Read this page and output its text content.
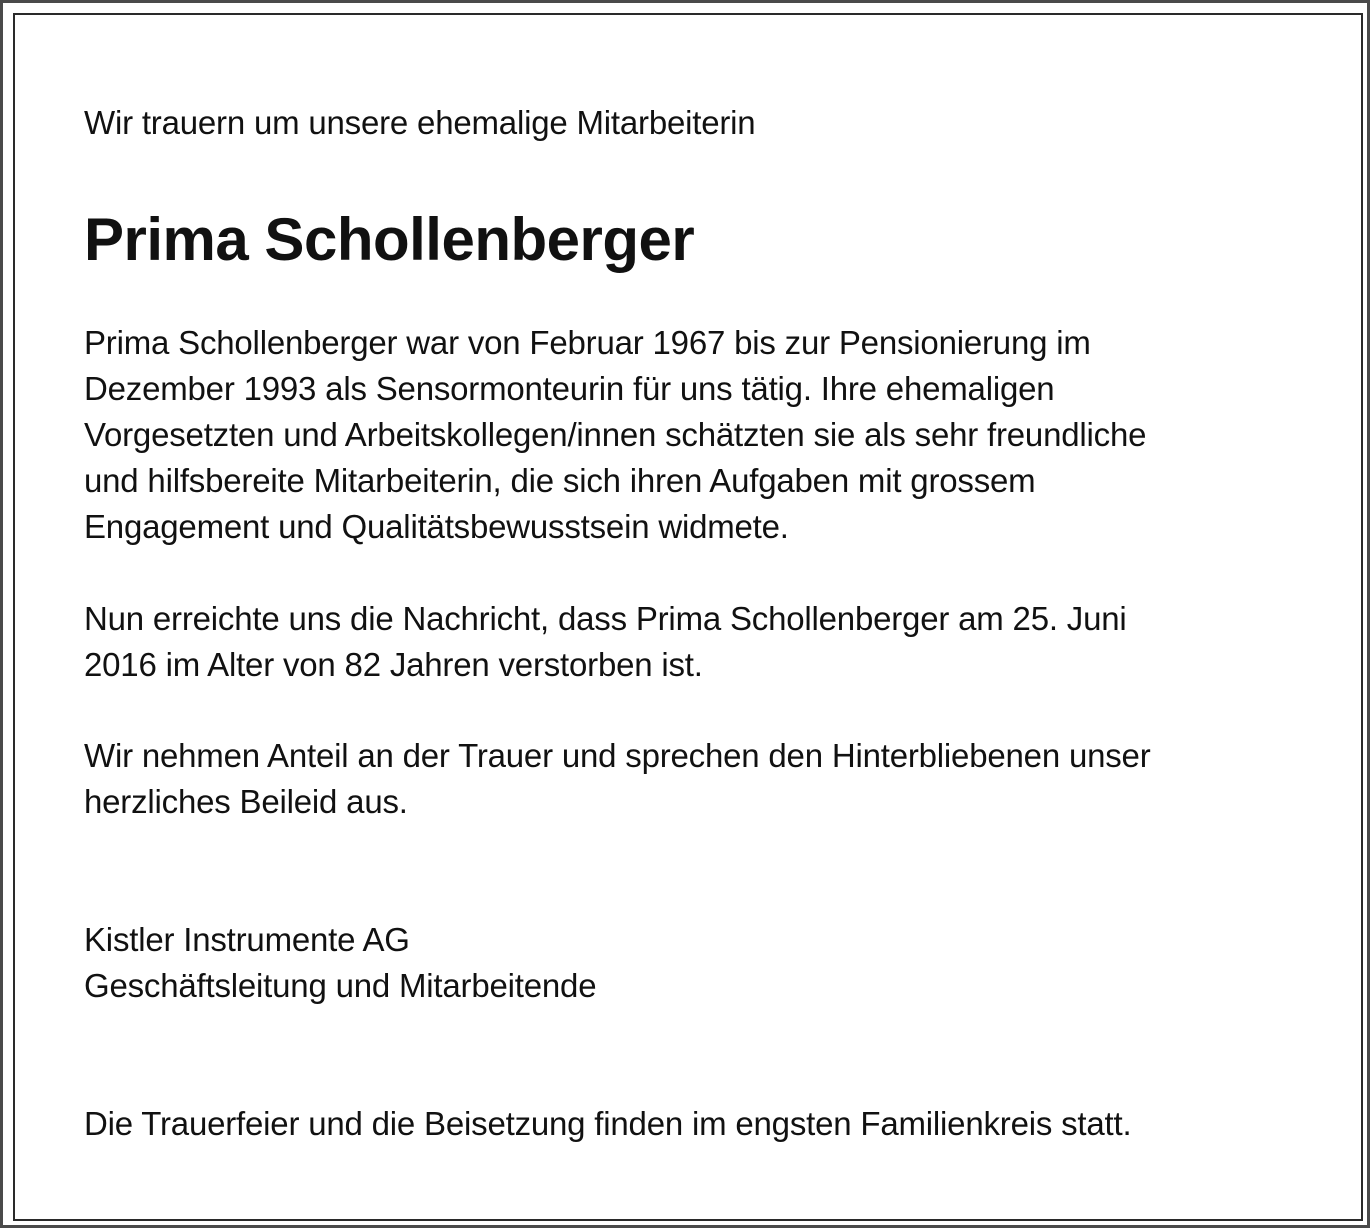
Wir trauern um unsere ehemalige Mitarbeiterin
Prima Schollenberger
Prima Schollenberger war von Februar 1967 bis zur Pensionierung im
Dezember 1993 als Sensormonteurin für uns tätig. Ihre ehemaligen
Vorgesetzten und Arbeitskollegen/innen schätzten sie als sehr freundliche
und hilfsbereite Mitarbeiterin, die sich ihren Aufgaben mit grossem
Engagement und Qualitätsbewusstsein widmete.
Nun erreichte uns die Nachricht, dass Prima Schollenberger am 25. Juni
2016 im Alter von 82 Jahren verstorben ist.
Wir nehmen Anteil an der Trauer und sprechen den Hinterbliebenen unser
herzliches Beileid aus.
Kistler Instrumente AG
Geschäftsleitung und Mitarbeitende
Die Trauerfeier und die Beisetzung finden im engsten Familienkreis statt.
